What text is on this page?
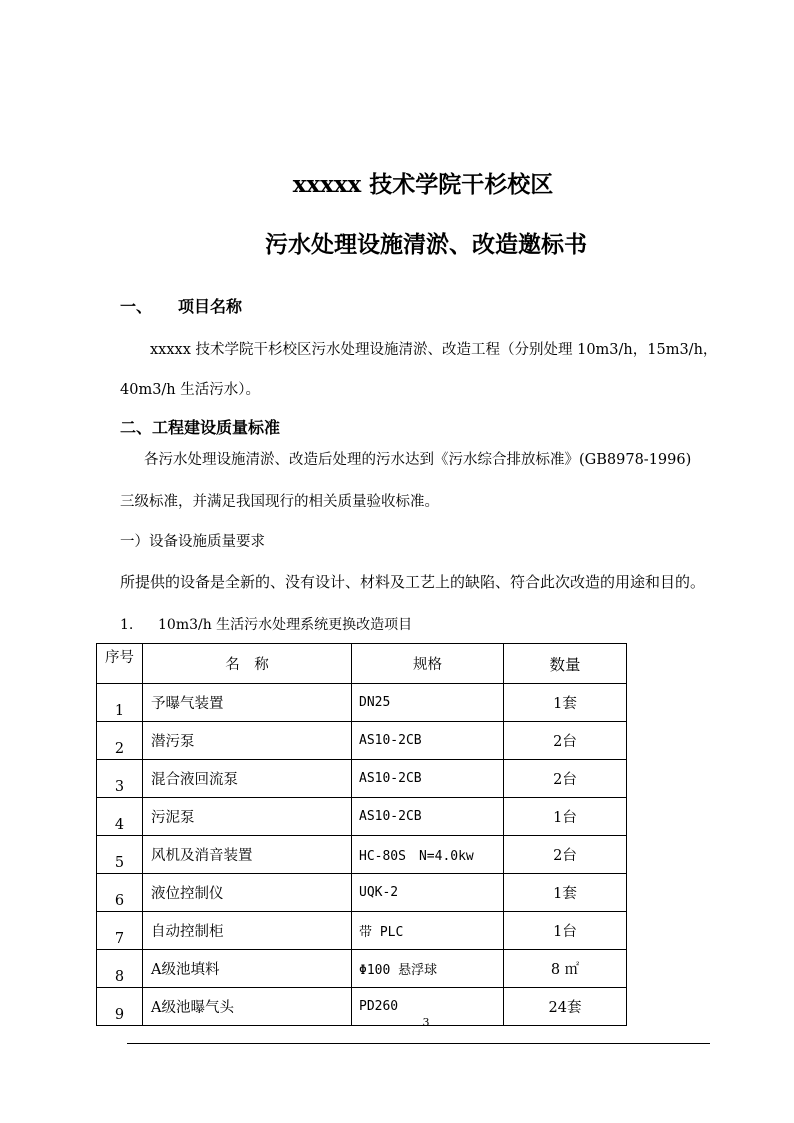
xxxxx 技术学院干杉校区
污水处理设施清淤、改造邀标书
一、 项目名称
xxxxx 技术学院干杉校区污水处理设施清淤、改造工程（分别处理 10m3/h，15m3/h，
40m3/h 生活污水）。
二、工程建设质量标准
各污水处理设施清淤、改造后处理的污水达到《污水综合排放标准》(GB8978-1996)
三级标准，并满足我国现行的相关质量验收标准。
一）设备设施质量要求
所提供的设备是全新的、没有设计、材料及工艺上的缺陷、符合此次改造的用途和目的。
1. 10m3/h 生活污水处理系统更换改造项目
序号	名　称	规格	数量
1	予曝气装置	DN25	1套
2	潜污泵	AS10-2CB	2台
3	混合液回流泵	AS10-2CB	2台
4	污泥泵	AS10-2CB	1台
5	风机及消音装置	HC-80S　N=4.0kw	2台
6	液位控制仪	UQK-2	1套
7	自动控制柜	带 PLC	1台
8	A级池填料	Φ100 悬浮球	8 ㎡
9	A级池曝气头	PD260	24套
3
